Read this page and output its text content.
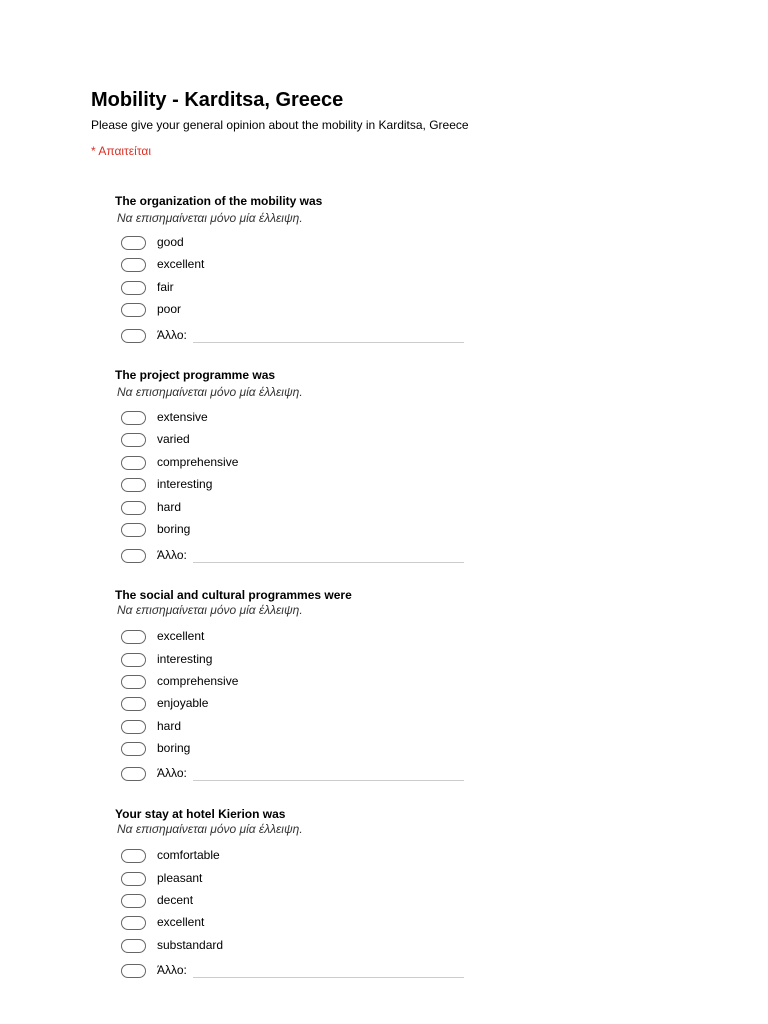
Mobility - Karditsa, Greece
Please give your general opinion about the mobility in Karditsa, Greece
* Απαιτείται
The organization of the mobility was
Να επισημαίνεται μόνο μία έλλειψη.
good
excellent
fair
poor
Άλλο:
The project programme was
Να επισημαίνεται μόνο μία έλλειψη.
extensive
varied
comprehensive
interesting
hard
boring
Άλλο:
The social and cultural programmes were
Να επισημαίνεται μόνο μία έλλειψη.
excellent
interesting
comprehensive
enjoyable
hard
boring
Άλλο:
Your stay at hotel Kierion was
Να επισημαίνεται μόνο μία έλλειψη.
comfortable
pleasant
decent
excellent
substandard
Άλλο:
